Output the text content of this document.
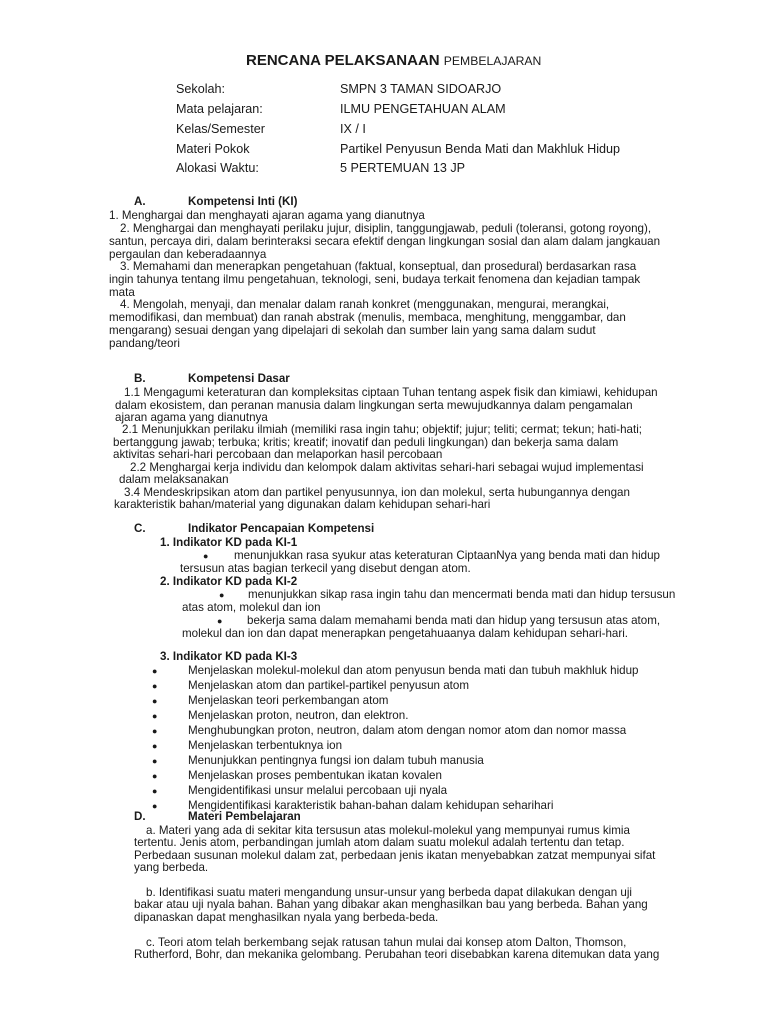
RENCANA PELAKSANAAN PEMBELAJARAN
Sekolah:	SMPN 3 TAMAN SIDOARJO
Mata pelajaran:	ILMU PENGETAHUAN ALAM
Kelas/Semester	IX / I
Materi Pokok	Partikel Penyusun Benda Mati dan Makhluk Hidup
Alokasi Waktu:	5 PERTEMUAN 13 JP
A.	Kompetensi Inti (KI)
1. Menghargai dan menghayati ajaran agama yang dianutnya
2. Menghargai dan menghayati perilaku jujur, disiplin, tanggungjawab, peduli (toleransi, gotong royong),
santun, percaya diri, dalam berinteraksi secara efektif dengan lingkungan sosial dan alam dalam jangkauan
pergaulan dan keberadaannya
3. Memahami dan menerapkan pengetahuan (faktual, konseptual, dan prosedural) berdasarkan rasa
ingin tahunya tentang ilmu pengetahuan, teknologi, seni, budaya terkait fenomena dan kejadian tampak
mata
4. Mengolah, menyaji, dan menalar dalam ranah konkret (menggunakan, mengurai, merangkai,
memodifikasi, dan membuat) dan ranah abstrak (menulis, membaca, menghitung, menggambar, dan
mengarang) sesuai dengan yang dipelajari di sekolah dan sumber lain yang sama dalam sudut
pandang/teori
B.	Kompetensi Dasar
1.1 Mengagumi keteraturan dan kompleksitas ciptaan Tuhan tentang aspek fisik dan kimiawi, kehidupan
dalam ekosistem, dan peranan manusia dalam lingkungan serta mewujudkannya dalam pengamalan
ajaran agama yang dianutnya
2.1 Menunjukkan perilaku ilmiah (memiliki rasa ingin tahu; objektif; jujur; teliti; cermat; tekun; hati-hati;
bertanggung jawab; terbuka; kritis; kreatif; inovatif dan peduli lingkungan) dan bekerja sama dalam
aktivitas sehari-hari percobaan dan melaporkan hasil percobaan
2.2 Menghargai kerja individu dan kelompok dalam aktivitas sehari-hari sebagai wujud implementasi
dalam melaksanakan
3.4 Mendeskripsikan atom dan partikel penyusunnya, ion dan molekul, serta hubungannya dengan
karakteristik bahan/material yang digunakan dalam kehidupan sehari-hari
C.	Indikator Pencapaian Kompetensi
1. Indikator KD pada KI-1
● menunjukkan rasa syukur atas keteraturan CiptaanNya yang benda mati dan hidup
tersusun atas bagian terkecil yang disebut dengan atom.
2. Indikator KD pada KI-2
● menunjukkan sikap rasa ingin tahu dan mencermati benda mati dan hidup tersusun
atas atom, molekul dan ion
● bekerja sama dalam memahami benda mati dan hidup yang tersusun atas atom,
molekul dan ion dan dapat menerapkan pengetahuaanya dalam kehidupan sehari-hari.
3. Indikator KD pada KI-3
●	Menjelaskan molekul-molekul dan atom penyusun benda mati dan tubuh makhluk hidup
●	Menjelaskan atom dan partikel-partikel penyusun atom
●	Menjelaskan teori perkembangan atom
●	Menjelaskan proton, neutron, dan elektron.
●	Menghubungkan proton, neutron, dalam atom dengan nomor atom dan nomor massa
●	Menjelaskan terbentuknya ion
●	Menunjukkan pentingnya fungsi ion dalam tubuh manusia
●	Menjelaskan proses pembentukan ikatan kovalen
●	Mengidentifikasi unsur melalui percobaan uji nyala
●	Mengidentifikasi karakteristik bahan-bahan dalam kehidupan seharihari
D.	Materi Pembelajaran
a. Materi yang ada di sekitar kita tersusun atas molekul-molekul yang mempunyai rumus kimia
tertentu. Jenis atom, perbandingan jumlah atom dalam suatu molekul adalah tertentu dan tetap.
Perbedaan susunan molekul dalam zat, perbedaan jenis ikatan menyebabkan zatzat mempunyai sifat
yang berbeda.
b. Identifikasi suatu materi mengandung unsur-unsur yang berbeda dapat dilakukan dengan uji
bakar atau uji nyala bahan. Bahan yang dibakar akan menghasilkan bau yang berbeda. Bahan yang
dipanaskan dapat menghasilkan nyala yang berbeda-beda.
c. Teori atom telah berkembang sejak ratusan tahun mulai dai konsep atom Dalton, Thomson,
Rutherford, Bohr, dan mekanika gelombang. Perubahan teori disebabkan karena ditemukan data yang
